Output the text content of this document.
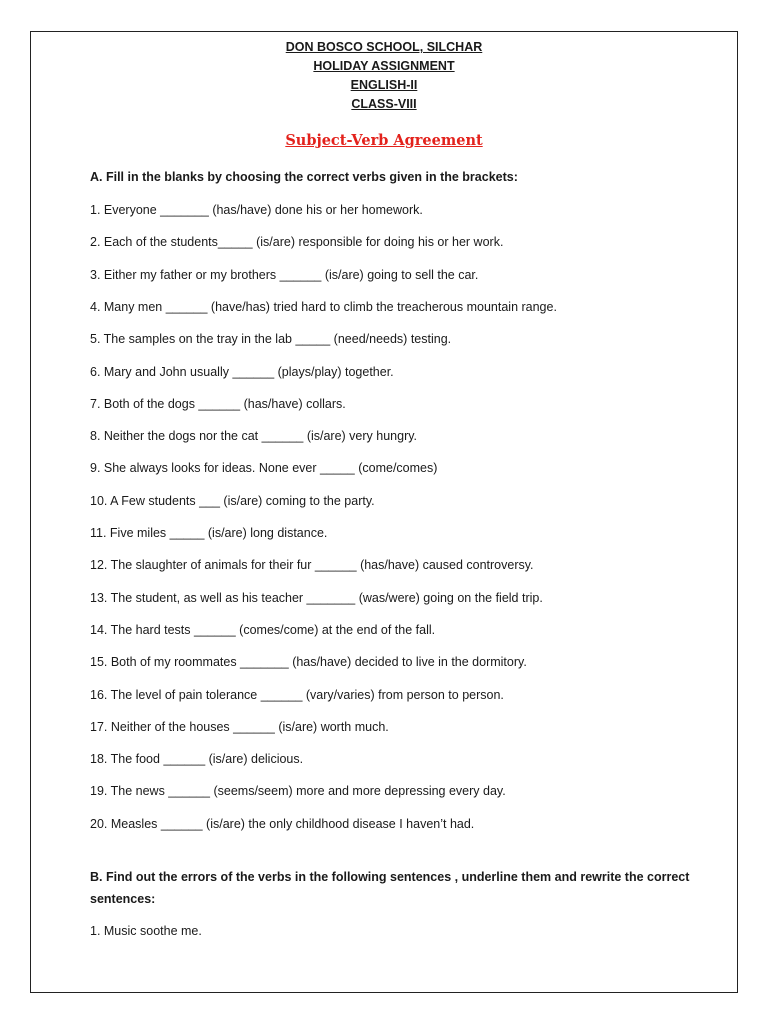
DON BOSCO SCHOOL, SILCHAR
HOLIDAY ASSIGNMENT
ENGLISH-II
CLASS-VIII
Subject-Verb Agreement
A. Fill in the blanks by choosing the correct verbs given in the brackets:
1. Everyone _______ (has/have) done his or her homework.
2. Each of the students_____ (is/are) responsible for doing his or her work.
3. Either my father or my brothers ______ (is/are) going to sell the car.
4. Many men ______ (have/has) tried hard to climb the treacherous mountain range.
5. The samples on the tray in the lab _____ (need/needs) testing.
6. Mary and John usually ______ (plays/play) together.
7. Both of the dogs ______ (has/have) collars.
8. Neither the dogs nor the cat ______ (is/are) very hungry.
9. She always looks for ideas. None ever _____ (come/comes)
10. A Few students ___ (is/are) coming to the party.
11. Five miles _____ (is/are) long distance.
12. The slaughter of animals for their fur ______ (has/have) caused controversy.
13. The student, as well as his teacher _______ (was/were) going on the field trip.
14. The hard tests ______ (comes/come) at the end of the fall.
15. Both of my roommates _______ (has/have) decided to live in the dormitory.
16. The level of pain tolerance ______ (vary/varies) from person to person.
17. Neither of the houses ______ (is/are) worth much.
18. The food ______ (is/are) delicious.
19. The news ______ (seems/seem) more and more depressing every day.
20. Measles ______ (is/are) the only childhood disease I haven’t had.
B. Find out the errors of the verbs in the following sentences , underline them and rewrite the correct sentences:
1. Music soothe me.
